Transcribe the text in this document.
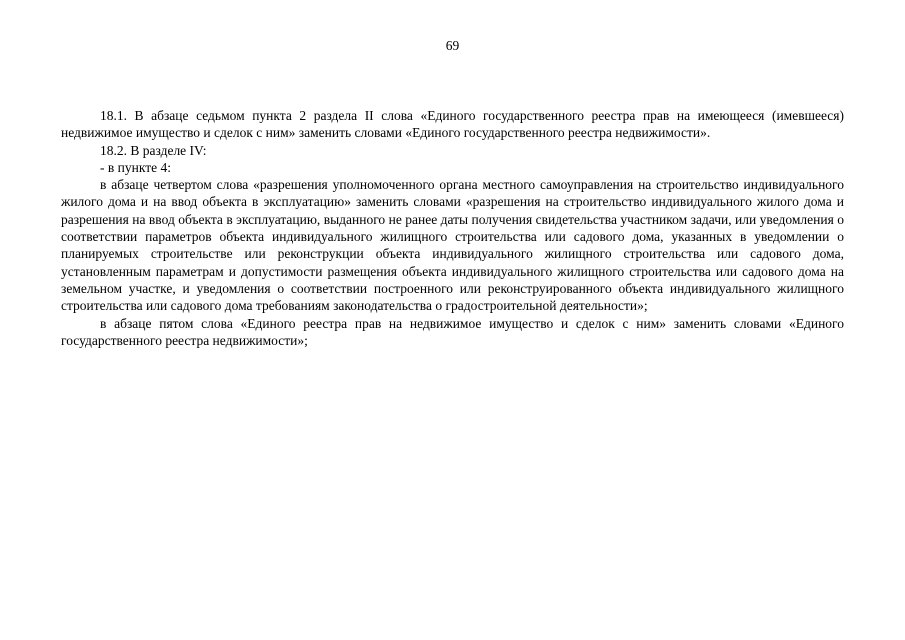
69

18.1. В абзаце седьмом пункта 2 раздела II слова «Единого государственного реестра прав на имеющееся (имевшееся) недвижимое имущество и сделок с ним» заменить словами «Единого государственного реестра недвижимости».

18.2. В разделе IV:

- в пункте 4:

в абзаце четвертом слова «разрешения уполномоченного органа местного самоуправления на строительство индивидуального жилого дома и на ввод объекта в эксплуатацию» заменить словами «разрешения на строительство индивидуального жилого дома и разрешения на ввод объекта в эксплуатацию, выданного не ранее даты получения свидетельства участником задачи, или уведомления о соответствии параметров объекта индивидуального жилищного строительства или садового дома, указанных в уведомлении о планируемых строительстве или реконструкции объекта индивидуального жилищного строительства или садового дома, установленным параметрам и допустимости размещения объекта индивидуального жилищного строительства или садового дома на земельном участке, и уведомления о соответствии построенного или реконструированного объекта индивидуального жилищного строительства или садового дома требованиям законодательства о градостроительной деятельности»;

в абзаце пятом слова «Единого реестра прав на недвижимое имущество и сделок с ним» заменить словами «Единого государственного реестра недвижимости»;
